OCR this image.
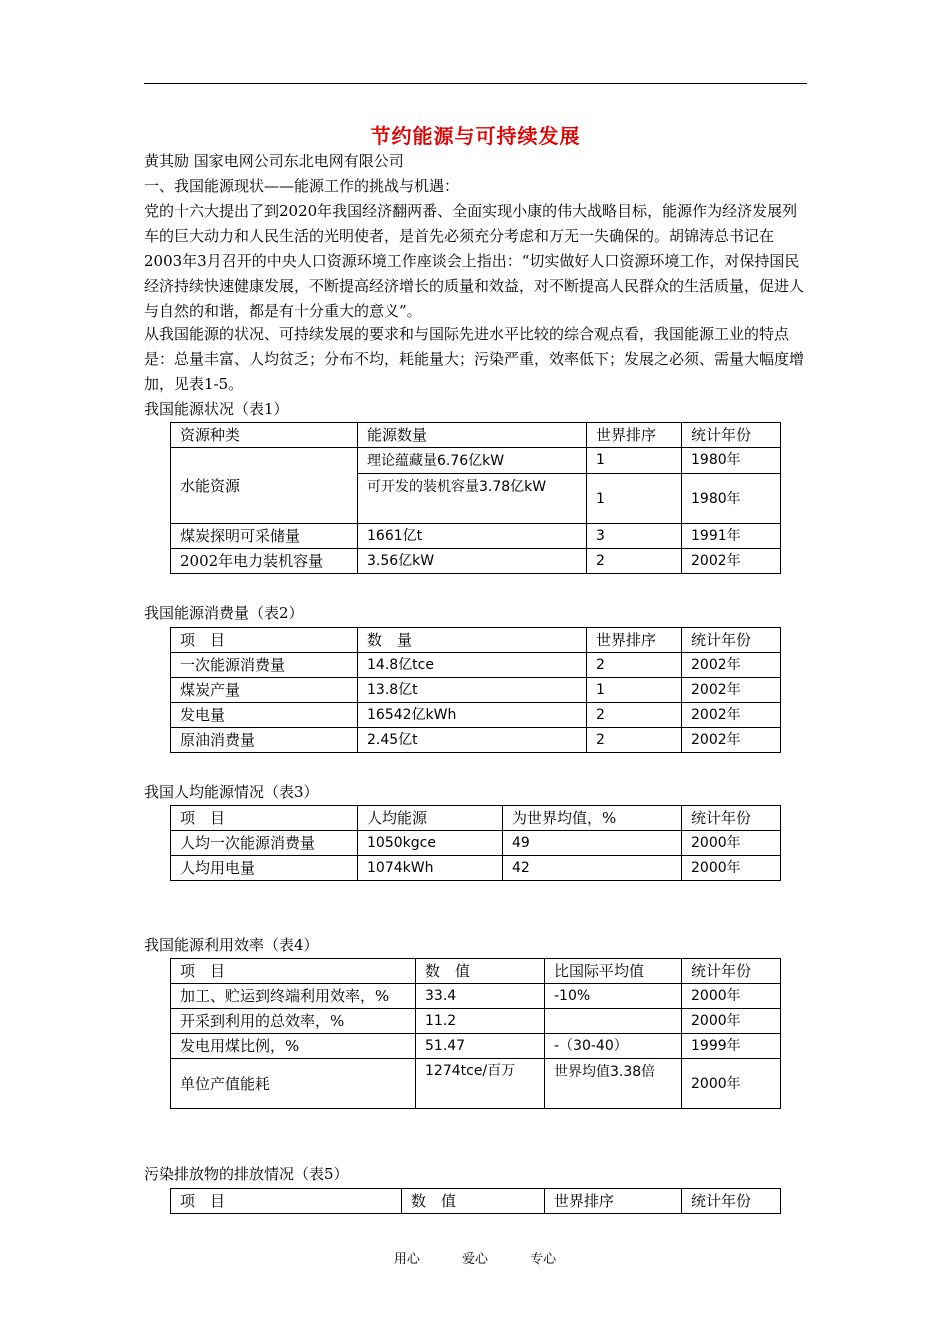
节约能源与可持续发展
黄其励 国家电网公司东北电网有限公司
一、我国能源现状——能源工作的挑战与机遇：
党的十六大提出了到2020年我国经济翻两番、全面实现小康的伟大战略目标，能源作为经济发展列车的巨大动力和人民生活的光明使者，是首先必须充分考虑和万无一失确保的。胡锦涛总书记在2003年3月召开的中央人口资源环境工作座谈会上指出：“切实做好人口资源环境工作，对保持国民经济持续快速健康发展，不断提高经济增长的质量和效益，对不断提高人民群众的生活质量，促进人与自然的和谐，都是有十分重大的意义”。
从我国能源的状况、可持续发展的要求和与国际先进水平比较的综合观点看，我国能源工业的特点是：总量丰富、人均贫乏；分布不均，耗能量大；污染严重，效率低下；发展之必须、需量大幅度增加，见表1-5。
我国能源状况（表1）
资源种类	能源数量	世界排序	统计年份
水能资源	理论蕴藏量6.76亿kW	1	1980年
	可开发的装机容量3.78亿kW	1	1980年
煤炭探明可采储量	1661亿t	3	1991年
2002年电力装机容量	3.56亿kW	2	2002年
我国能源消费量（表2）
项　目	数　量	世界排序	统计年份
一次能源消费量	14.8亿tce	2	2002年
煤炭产量	13.8亿t	1	2002年
发电量	16542亿kWh	2	2002年
原油消费量	2.45亿t	2	2002年
我国人均能源情况（表3）
项　目	人均能源	为世界均值，%	统计年份
人均一次能源消费量	1050kgce	49	2000年
人均用电量	1074kWh	42	2000年
我国能源利用效率（表4）
项　目	数　值	比国际平均值	统计年份
加工、贮运到终端利用效率，%	33.4	-10%	2000年
开采到利用的总效率，%	11.2		2000年
发电用煤比例，%	51.47	-（30-40）	1999年
单位产值能耗	1274tce/百万	世界均值3.38倍	2000年
污染排放物的排放情况（表5）
项　目	数　值	世界排序	统计年份
用心	爱心	专心
